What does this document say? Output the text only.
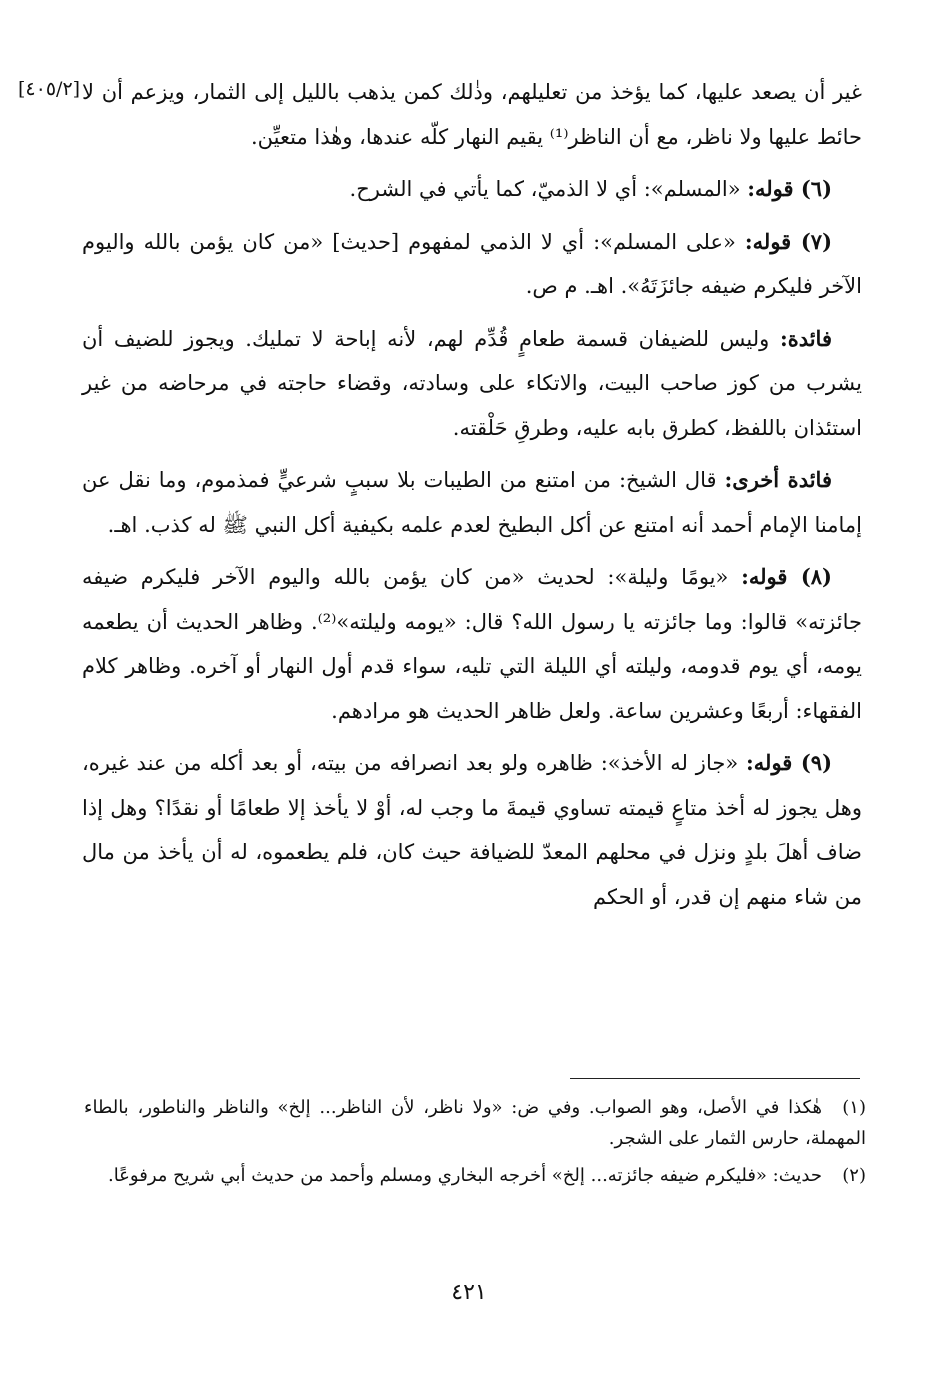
[٤٠٥/٢] غير أن يصعد عليها، كما يؤخذ من تعليلهم، وذٰلك كمن يذهب بالليل إلى الثمار، ويزعم أن لا حائط عليها ولا ناظر، مع أن الناظر⁽¹⁾ يقيم النهار كلّه عندها، وهٰذا متعيِّن.

(٦) قوله: «المسلم»: أي لا الذميّ، كما يأتي في الشرح.

(٧) قوله: «على المسلم»: أي لا الذمي لمفهوم [حديث] «من كان يؤمن بالله واليوم الآخر فليكرم ضيفه جائزَتَهُ». اهـ. م ص.

فائدة: وليس للضيفان قسمة طعامٍ قُدِّم لهم، لأنه إباحة لا تمليك. ويجوز للضيف أن يشرب من كوز صاحب البيت، والاتكاء على وسادته، وقضاء حاجته في مرحاضه من غير استئذان باللفظ، كطرق بابه عليه، وطرقِ حَلْقته.

فائدة أخرى: قال الشيخ: من امتنع من الطيبات بلا سببٍ شرعيٍّ فمذموم، وما نقل عن إمامنا الإمام أحمد أنه امتنع عن أكل البطيخ لعدم علمه بكيفية أكل النبي ﷺ له كذب. اهـ.

(٨) قوله: «يومًا وليلة»: لحديث «من كان يؤمن بالله واليوم الآخر فليكرم ضيفه جائزته» قالوا: وما جائزته يا رسول الله؟ قال: «يومه وليلته»⁽²⁾. وظاهر الحديث أن يطعمه يومه، أي يوم قدومه، وليلته أي الليلة التي تليه، سواء قدم أول النهار أو آخره. وظاهر كلام الفقهاء: أربعًا وعشرين ساعة. ولعل ظاهر الحديث هو مرادهم.

(٩) قوله: «جاز له الأخذ»: ظاهره ولو بعد انصرافه من بيته، أو بعد أكله من عند غيره، وهل يجوز له أخذ متاعٍ قيمته تساوي قيمةَ ما وجب له، أوْ لا يأخذ إلا طعامًا أو نقدًا؟ وهل إذا ضاف أهلَ بلدٍ ونزل في محلهم المعدّ للضيافة حيث كان، فلم يطعموه، له أن يأخذ من مال من شاء منهم إن قدر، أو الحكم

(١)هٰكذا في الأصل، وهو الصواب. وفي ض: «ولا ناظر، لأن الناظر... إلخ» والناظر والناطور، بالطاء المهملة، حارس الثمار على الشجر.

(٢)حديث: «فليكرم ضيفه جائزته... إلخ» أخرجه البخاري ومسلم وأحمد من حديث أبي شريح مرفوعًا.

٤٢١
